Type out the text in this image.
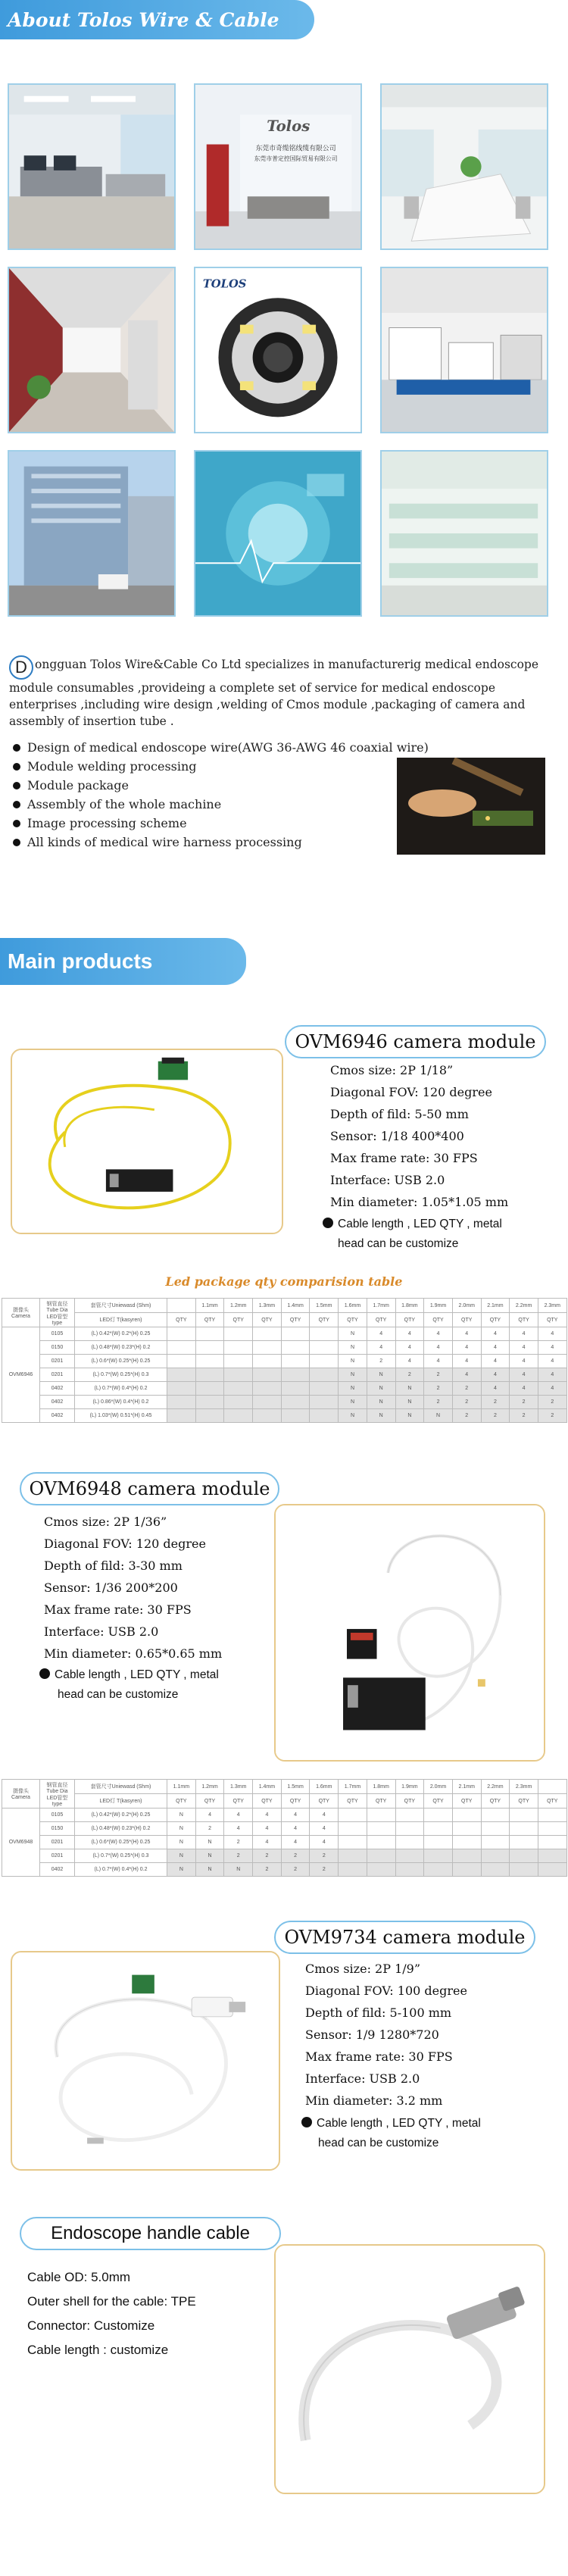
About Tolos Wire & Cable
Tolos
东莞市奇缆铭线缆有限公司
东莞市普定控国际贸易有限公司
TOLOS
D ongguan Tolos Wire&Cable Co Ltd specializes in manufacturerig medical endoscope module consumables ,provideing a complete set of service for medical endoscope enterprises ,including wire design ,welding of Cmos module ,packaging of camera and assembly of insertion tube .
Design of medical endoscope wire(AWG 36-AWG 46 coaxial wire)
Module welding processing
Module package
Assembly of the whole machine
Image processing scheme
All kinds of medical wire harness processing
Main products
OVM6946 camera module
Cmos size: 2P 1/18”
Diagonal FOV: 120 degree
Depth of fild: 5-50 mm
Sensor: 1/18 400*400
Max frame rate: 30 FPS
Interface: USB 2.0
Min diameter: 1.05*1.05 mm
Cable length , LED QTY , metal
head can be customize
Led package qty comparision table
摄像头
Camera	钢管直径
Tube Dia
LED管型
type	套管尺寸Uniewasd (Shm)		1.1mm	1.2mm	1.3mm	1.4mm	1.5mm	1.6mm	1.7mm	1.8mm	1.9mm	2.0mm	2.1mm	2.2mm	2.3mm
		LED灯 T(kasyren)	QTY	QTY	QTY	QTY	QTY	QTY	QTY	QTY	QTY	QTY	QTY	QTY	QTY	QTY
OVM6946	0105	(L) 0.42*(W) 0.2*(H) 0.25							N	4	4	4	4	4	4	4
	0150	(L) 0.48*(W) 0.23*(H) 0.2							N	4	4	4	4	4	4	4
	0201	(L) 0.6*(W) 0.25*(H) 0.25							N	2	4	4	4	4	4	4
	0201	(L) 0.7*(W) 0.25*(H) 0.3							N	N	2	2	4	4	4	4
	0402	(L) 0.7*(W) 0.4*(H) 0.2							N	N	N	2	2	4	4	4
	0402	(L) 0.86*(W) 0.4*(H) 0.2							N	N	N	2	2	2	2	2
	0402	(L) 1.03*(W) 0.51*(H) 0.45							N	N	N	N	2	2	2	2
OVM6948 camera module
Cmos size: 2P 1/36”
Diagonal FOV: 120 degree
Depth of fild: 3-30 mm
Sensor: 1/36 200*200
Max frame rate: 30 FPS
Interface: USB 2.0
Min diameter: 0.65*0.65 mm
Cable length , LED QTY , metal
head can be customize
摄像头
Camera	钢管直径
Tube Dia
LED管型
type	套管尺寸Uniewasd (Shm)	1.1mm	1.2mm	1.3mm	1.4mm	1.5mm	1.6mm	1.7mm	1.8mm	1.9mm	2.0mm	2.1mm	2.2mm	2.3mm	
		LED灯 T(kasyren)	QTY	QTY	QTY	QTY	QTY	QTY	QTY	QTY	QTY	QTY	QTY	QTY	QTY	QTY
OVM6948	0105	(L) 0.42*(W) 0.2*(H) 0.25	N	4	4	4	4	4								
	0150	(L) 0.48*(W) 0.23*(H) 0.2	N	2	4	4	4	4								
	0201	(L) 0.6*(W) 0.25*(H) 0.25	N	N	2	4	4	4								
	0201	(L) 0.7*(W) 0.25*(H) 0.3	N	N	2	2	2	2								
	0402	(L) 0.7*(W) 0.4*(H) 0.2	N	N	N	2	2	2								
OVM9734 camera module
Cmos size: 2P 1/9”
Diagonal FOV: 100 degree
Depth of fild: 5-100 mm
Sensor: 1/9 1280*720
Max frame rate: 30 FPS
Interface: USB 2.0
Min diameter: 3.2 mm
Cable length , LED QTY , metal
head can be customize
Endoscope handle cable
Cable OD: 5.0mm
Outer shell for the cable: TPE
Connector: Customize
Cable length : customize
